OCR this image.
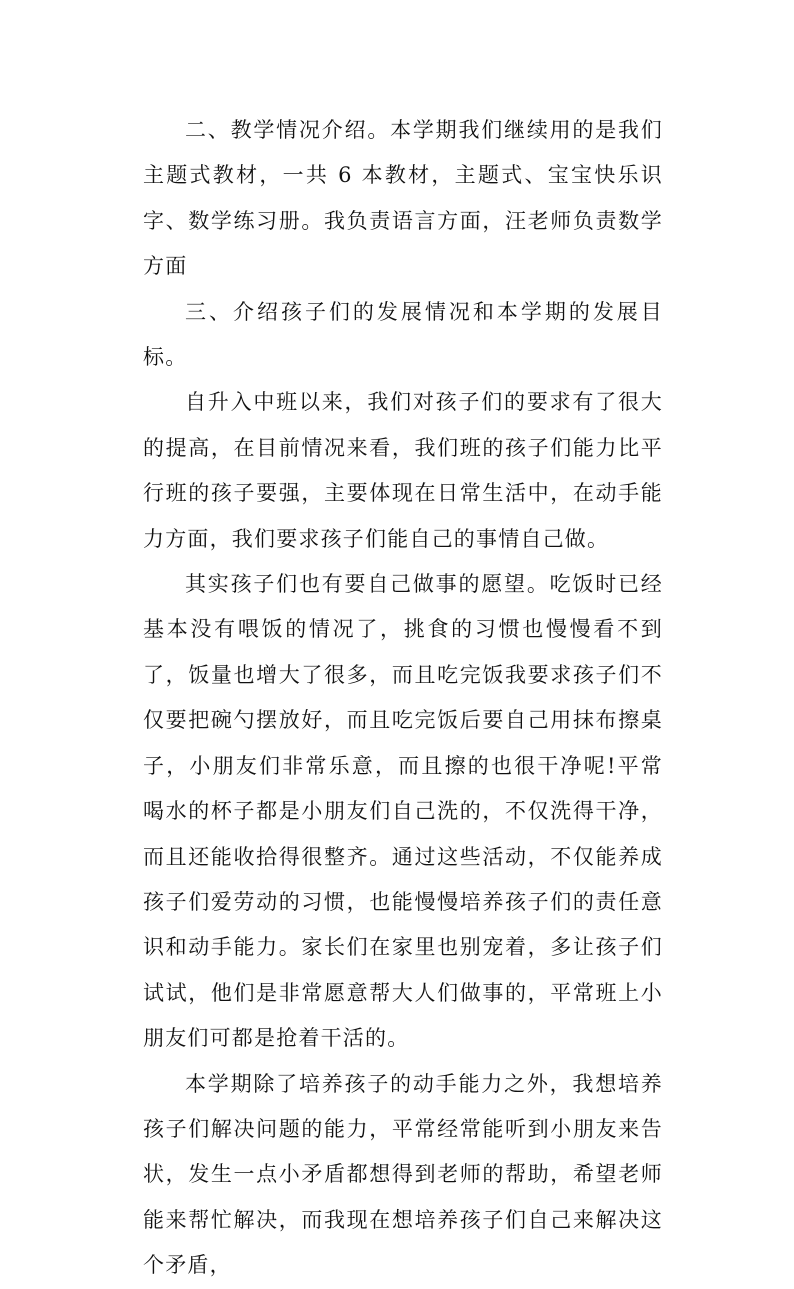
二、教学情况介绍。本学期我们继续用的是我们主题式教材，一共 6 本教材，主题式、宝宝快乐识字、数学练习册。我负责语言方面，汪老师负责数学方面

三、介绍孩子们的发展情况和本学期的发展目标。

自升入中班以来，我们对孩子们的要求有了很大的提高，在目前情况来看，我们班的孩子们能力比平行班的孩子要强，主要体现在日常生活中，在动手能力方面，我们要求孩子们能自己的事情自己做。

其实孩子们也有要自己做事的愿望。吃饭时已经基本没有喂饭的情况了，挑食的习惯也慢慢看不到了，饭量也增大了很多，而且吃完饭我要求孩子们不仅要把碗勺摆放好，而且吃完饭后要自己用抹布擦桌子，小朋友们非常乐意，而且擦的也很干净呢!平常喝水的杯子都是小朋友们自己洗的，不仅洗得干净，而且还能收拾得很整齐。通过这些活动，不仅能养成孩子们爱劳动的习惯，也能慢慢培养孩子们的责任意识和动手能力。家长们在家里也别宠着，多让孩子们试试，他们是非常愿意帮大人们做事的，平常班上小朋友们可都是抢着干活的。

本学期除了培养孩子的动手能力之外，我想培养孩子们解决问题的能力，平常经常能听到小朋友来告状，发生一点小矛盾都想得到老师的帮助，希望老师能来帮忙解决，而我现在想培养孩子们自己来解决这个矛盾，
